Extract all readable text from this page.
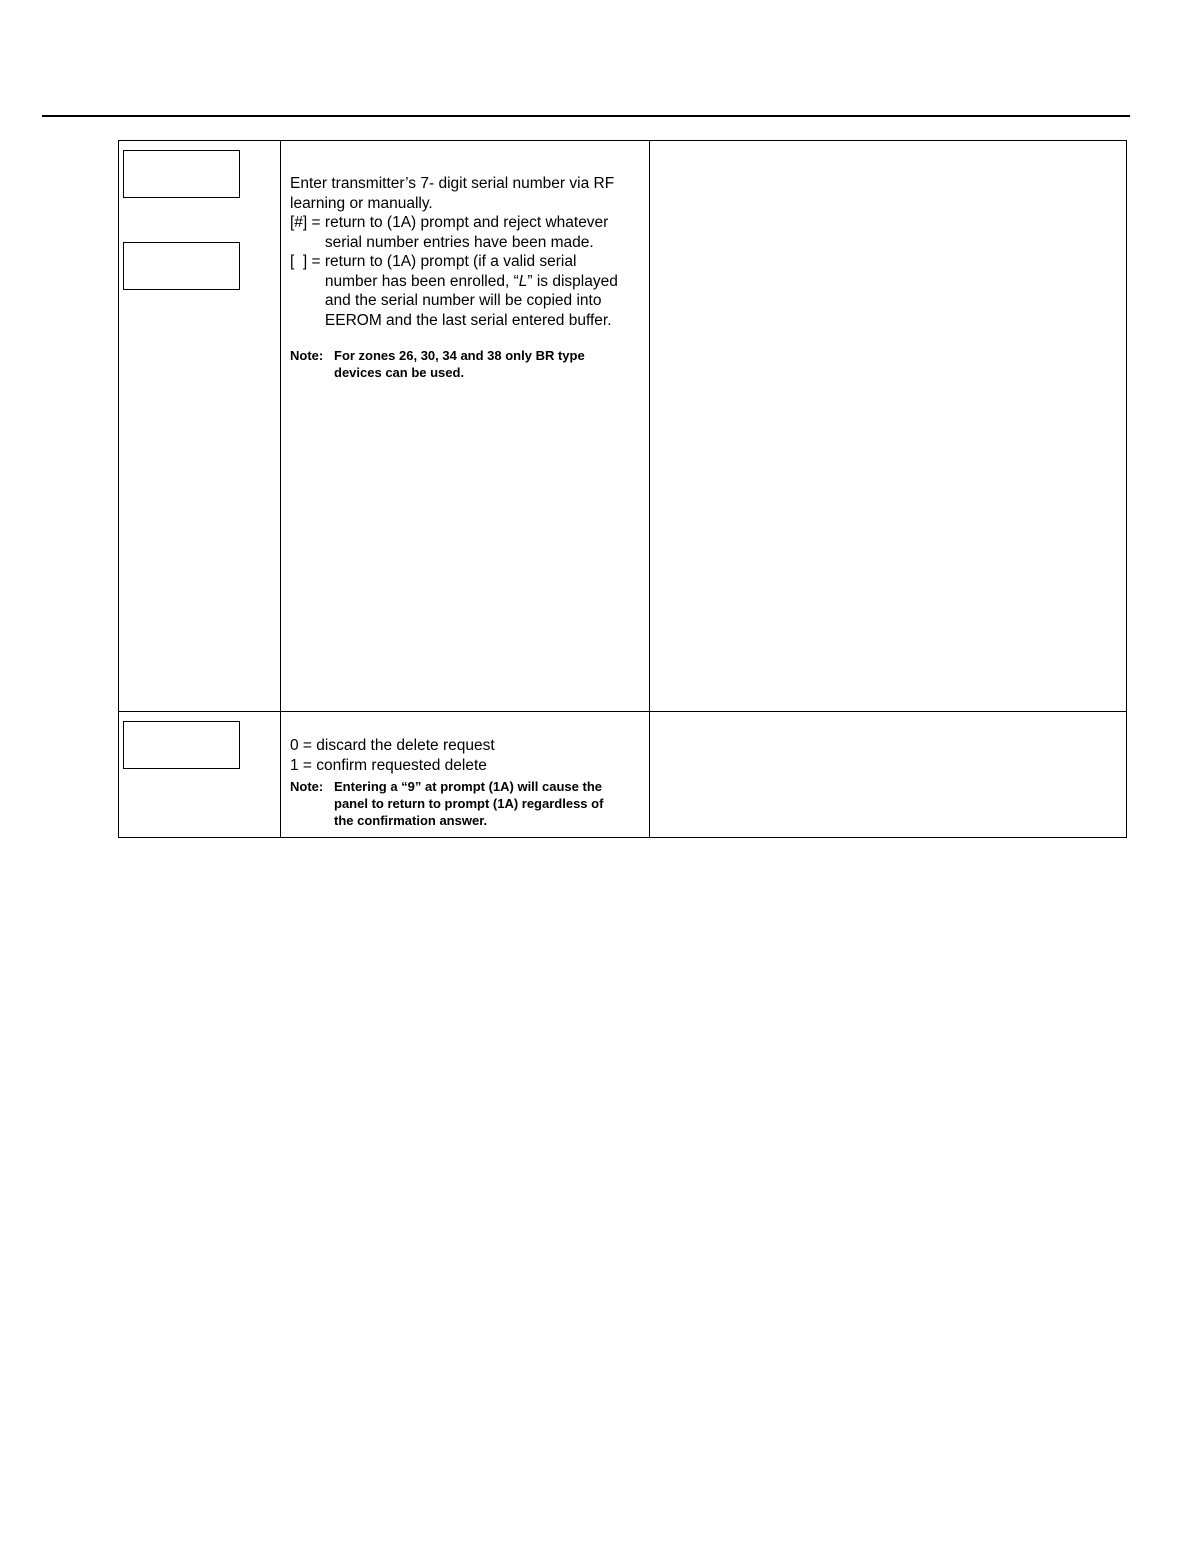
Enter transmitter’s 7- digit serial number via RF

learning or manually.

[#] = return to (1A) prompt and reject whatever
serial number entries have been made.
[  ] = return to (1A) prompt (if a valid serial
number has been enrolled, “L” is displayed
and the serial number will be copied into
EEROM and the last serial entered buffer.
Note: For zones 26, 30, 34 and 38 only BR type
devices can be used.

0 = discard the delete request

1 = confirm requested delete

Note: Entering a “9” at prompt (1A) will cause the
panel to return to prompt (1A) regardless of
the confirmation answer.
